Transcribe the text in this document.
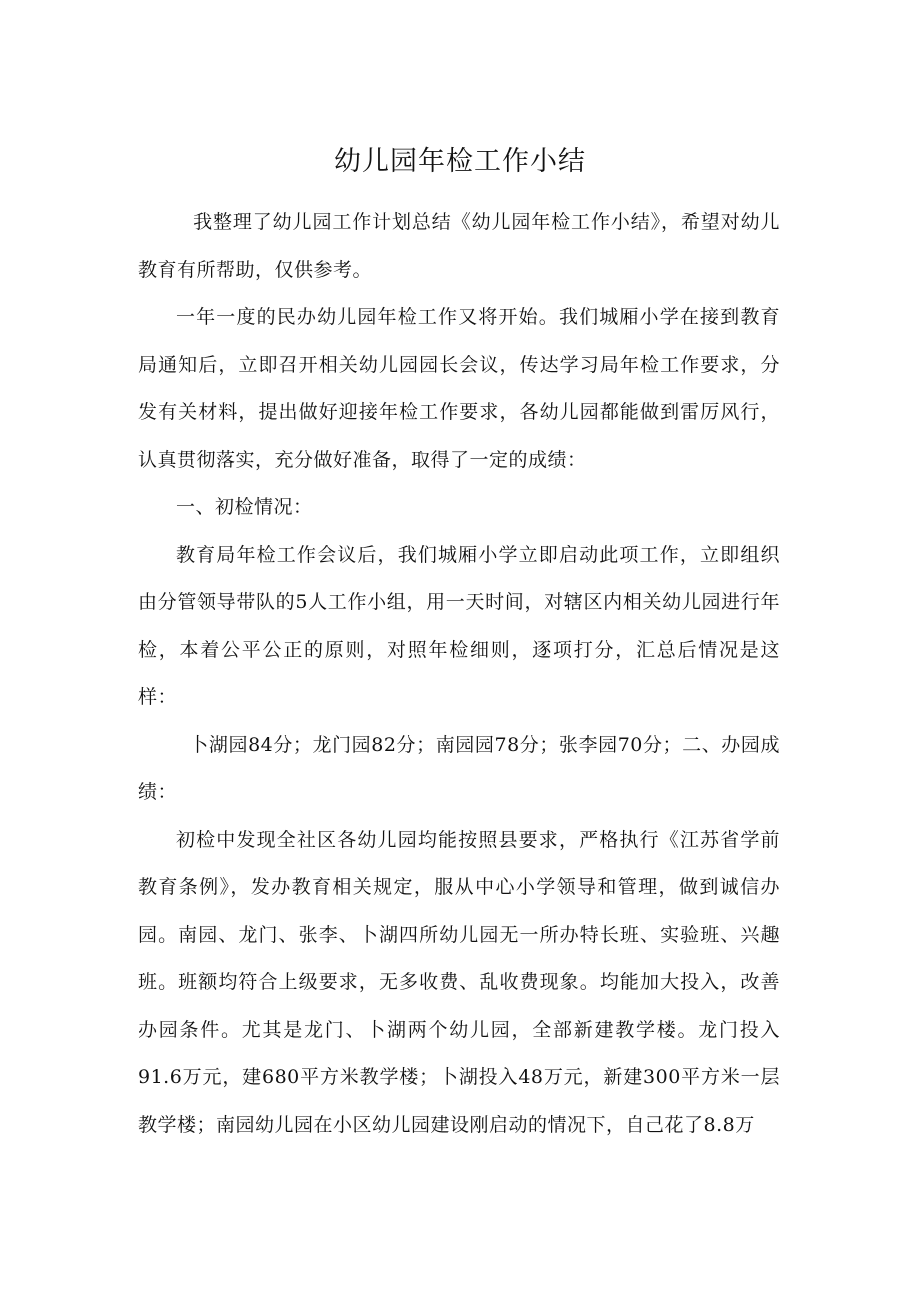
幼儿园年检工作小结

我整理了幼儿园工作计划总结《幼儿园年检工作小结》，希望对幼儿教育有所帮助，仅供参考。

一年一度的民办幼儿园年检工作又将开始。我们城厢小学在接到教育局通知后，立即召开相关幼儿园园长会议，传达学习局年检工作要求，分发有关材料，提出做好迎接年检工作要求，各幼儿园都能做到雷厉风行，认真贯彻落实，充分做好准备，取得了一定的成绩：

一、初检情况：

教育局年检工作会议后，我们城厢小学立即启动此项工作，立即组织由分管领导带队的5人工作小组，用一天时间，对辖区内相关幼儿园进行年检，本着公平公正的原则，对照年检细则，逐项打分，汇总后情况是这样：

卜湖园84分；龙门园82分；南园园78分；张李园70分；二、办园成绩：

初检中发现全社区各幼儿园均能按照县要求，严格执行《江苏省学前教育条例》，发办教育相关规定，服从中心小学领导和管理，做到诚信办园。南园、龙门、张李、卜湖四所幼儿园无一所办特长班、实验班、兴趣班。班额均符合上级要求，无多收费、乱收费现象。均能加大投入，改善办园条件。尤其是龙门、卜湖两个幼儿园，全部新建教学楼。龙门投入91.6万元，建680平方米教学楼；卜湖投入48万元，新建300平方米一层教学楼；南园幼儿园在小区幼儿园建设刚启动的情况下，自己花了8.8万
